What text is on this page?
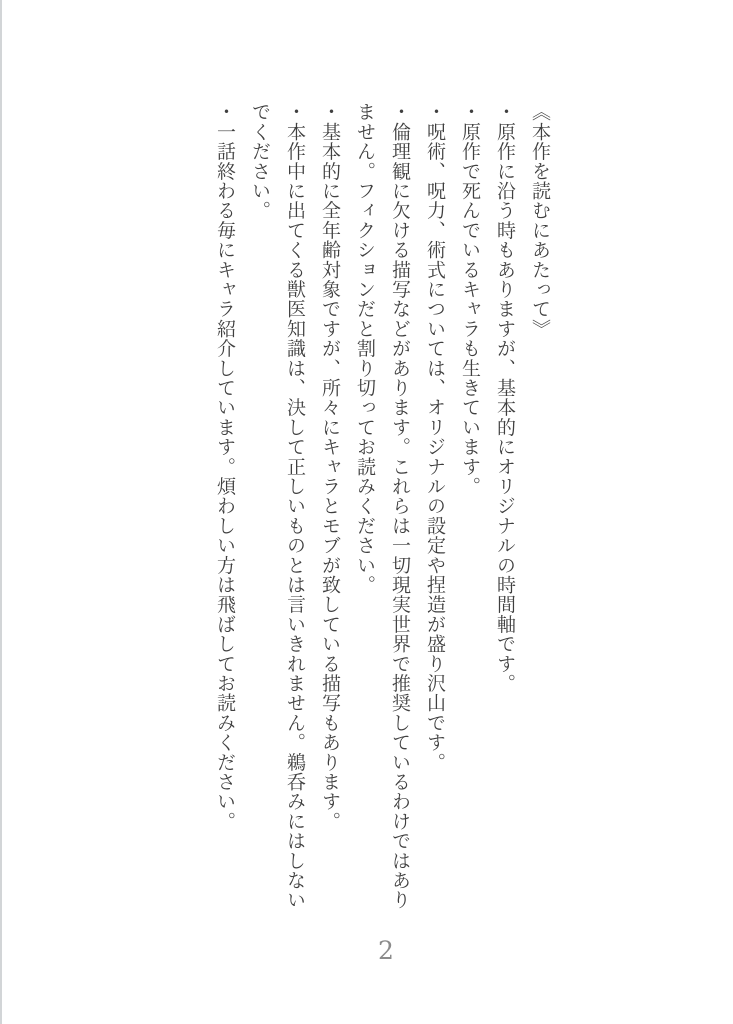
《本作を読むにあたって》
・原作に沿う時もありますが、基本的にオリジナルの時間軸です。
・原作で死んでいるキャラも生きています。
・呪術、呪力、術式については、オリジナルの設定や捏造が盛り沢山です。
・倫理観に欠ける描写などがあります。これらは一切現実世界で推奨しているわけではあり
ません。フィクションだと割り切ってお読みください。
・基本的に全年齢対象ですが、所々にキャラとモブが致している描写もあります。
・本作中に出てくる獣医知識は、決して正しいものとは言いきれません。鵜呑みにはしない
でください。
・一話終わる毎にキャラ紹介しています。煩わしい方は飛ばしてお読みください。
2
